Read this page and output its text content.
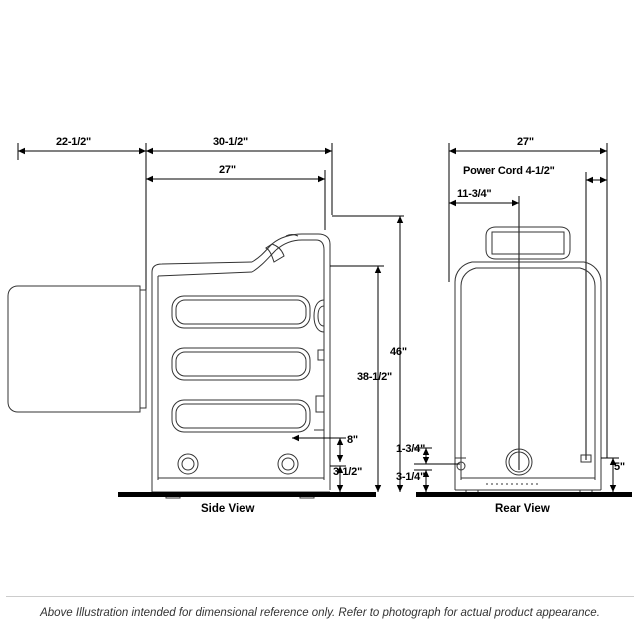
22-1/2"	30-1/2"
27"
46"
38-1/2"
8"
3-1/2"
Side View
27"
Power Cord 4-1/2"
11-3/4"
1-3/4"
3-1/4"
5"
Rear View
Above Illustration intended for dimensional reference only. Refer to photograph for actual product appearance.
